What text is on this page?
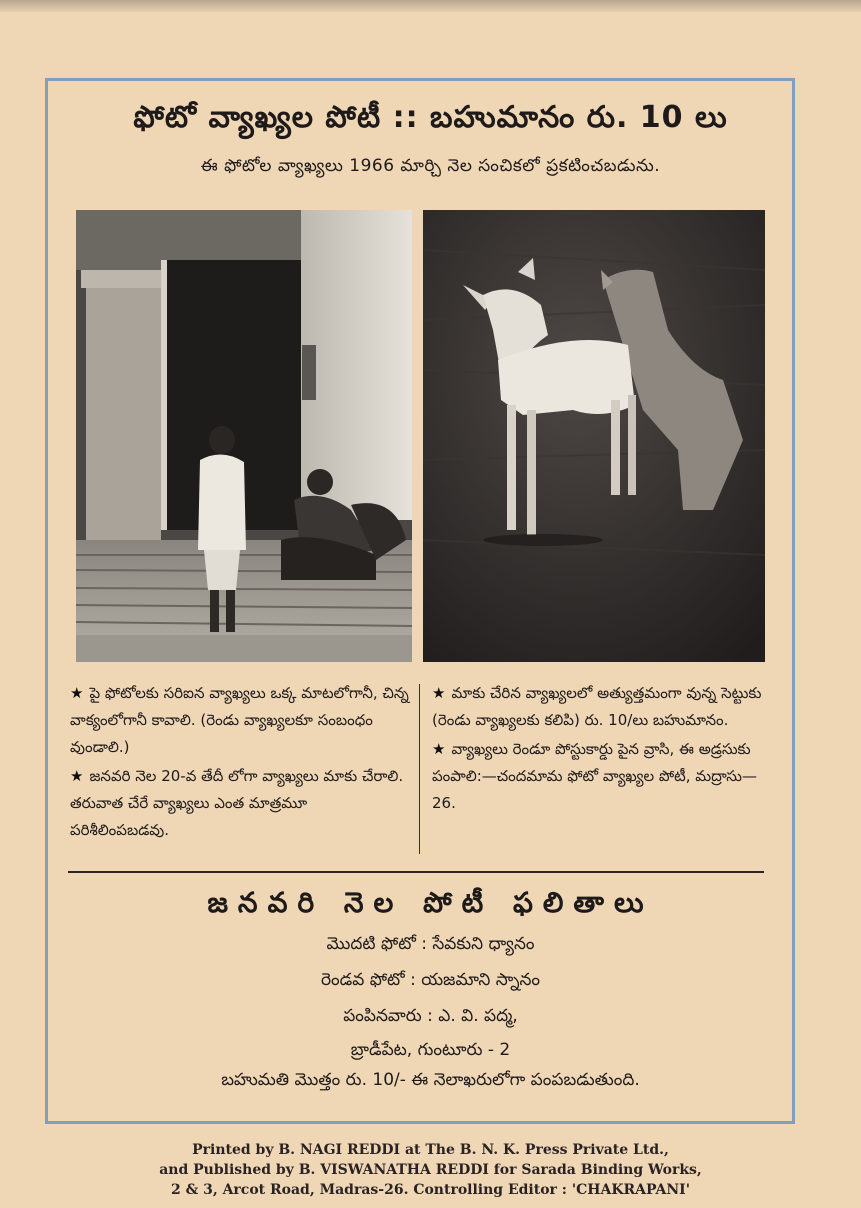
ఫోటో వ్యాఖ్యల పోటీ :: బహుమానం రు. 10 లు
ఈ ఫోటోల వ్యాఖ్యలు 1966 మార్చి నెల సంచికలో ప్రకటించబడును.
★ పై ఫోటోలకు సరిఐన వ్యాఖ్యలు ఒక్క మాటలోగానీ, చిన్న వాక్యంలోగానీ కావాలి. (రెండు వ్యాఖ్యలకూ సంబంధం వుండాలి.)
★ జనవరి నెల 20-వ తేదీ లోగా వ్యాఖ్యలు మాకు చేరాలి. తరువాత చేరే వ్యాఖ్యలు ఎంత మాత్రమూ పరిశీలింపబడవు.
★ మాకు చేరిన వ్యాఖ్యలలో అత్యుత్తమంగా వున్న సెట్టుకు (రెండు వ్యాఖ్యలకు కలిపి) రు. 10/లు బహుమానం.
★ వ్యాఖ్యలు రెండూ పోస్టుకార్డు పైన వ్రాసి, ఈ అడ్రసుకు పంపాలి:—చందమామ ఫోటో వ్యాఖ్యల పోటీ, మద్రాసు—26.
జనవరి నెల పోటీ ఫలితాలు
మొదటి ఫోటో : సేవకుని ధ్యానం
రెండవ ఫోటో : యజమాని స్నానం
పంపినవారు : ఎ. వి. పద్మ,
బ్రాడీపేట, గుంటూరు - 2
బహుమతి మొత్తం రు. 10/- ఈ నెలాఖరులోగా పంపబడుతుంది.
Printed by B. NAGI REDDI at The B. N. K. Press Private Ltd.,
and Published by B. VISWANATHA REDDI for Sarada Binding Works,
2 & 3, Arcot Road, Madras-26. Controlling Editor : 'CHAKRAPANI'
